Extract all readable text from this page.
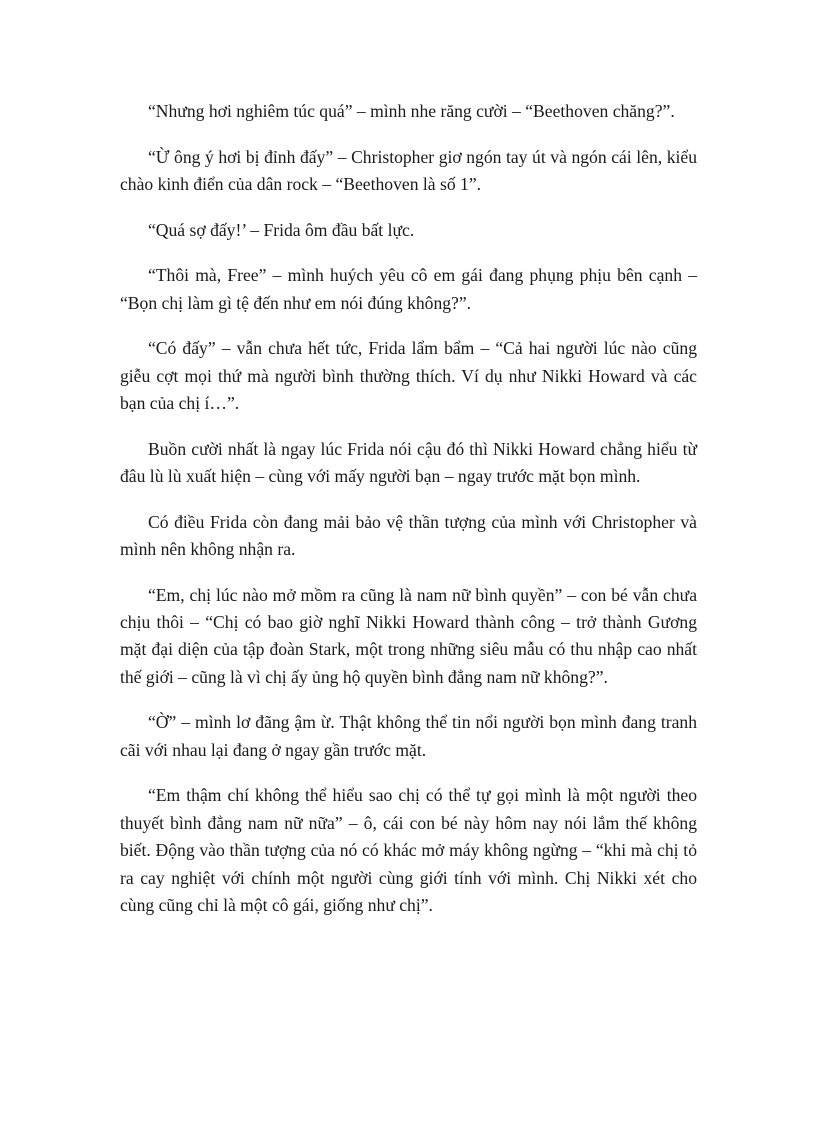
“Nhưng hơi nghiêm túc quá” – mình nhe răng cười – “Beethoven chăng?”.

“Ừ ông ý hơi bị đỉnh đấy” – Christopher giơ ngón tay út và ngón cái lên, kiểu chào kinh điển của dân rock – “Beethoven là số 1”.

“Quá sợ đấy!’ – Frida ôm đầu bất lực.

“Thôi mà, Free” – mình huých yêu cô em gái đang phụng phịu bên cạnh – “Bọn chị làm gì tệ đến như em nói đúng không?”.

“Có đấy” – vẫn chưa hết tức, Frida lẩm bẩm – “Cả hai người lúc nào cũng giễu cợt mọi thứ mà người bình thường thích. Ví dụ như Nikki Howard và các bạn của chị í…”.

Buồn cười nhất là ngay lúc Frida nói cậu đó thì Nikki Howard chẳng hiểu từ đâu lù lù xuất hiện – cùng với mấy người bạn – ngay trước mặt bọn mình.

Có điều Frida còn đang mải bảo vệ thần tượng của mình với Christopher và mình nên không nhận ra.

“Em, chị lúc nào mở mồm ra cũng là nam nữ bình quyền” – con bé vẫn chưa chịu thôi – “Chị có bao giờ nghĩ Nikki Howard thành công – trở thành Gương mặt đại diện của tập đoàn Stark, một trong những siêu mẫu có thu nhập cao nhất thế giới – cũng là vì chị ấy ủng hộ quyền bình đẳng nam nữ không?”.

“Ờ” – mình lơ đãng ậm ừ. Thật không thể tin nổi người bọn mình đang tranh cãi với nhau lại đang ở ngay gần trước mặt.

“Em thậm chí không thể hiểu sao chị có thể tự gọi mình là một người theo thuyết bình đẳng nam nữ nữa” – ô, cái con bé này hôm nay nói lắm thế không biết. Động vào thần tượng của nó có khác mở máy không ngừng – “khi mà chị tỏ ra cay nghiệt với chính một người cùng giới tính với mình. Chị Nikki xét cho cùng cũng chỉ là một cô gái, giống như chị”.
